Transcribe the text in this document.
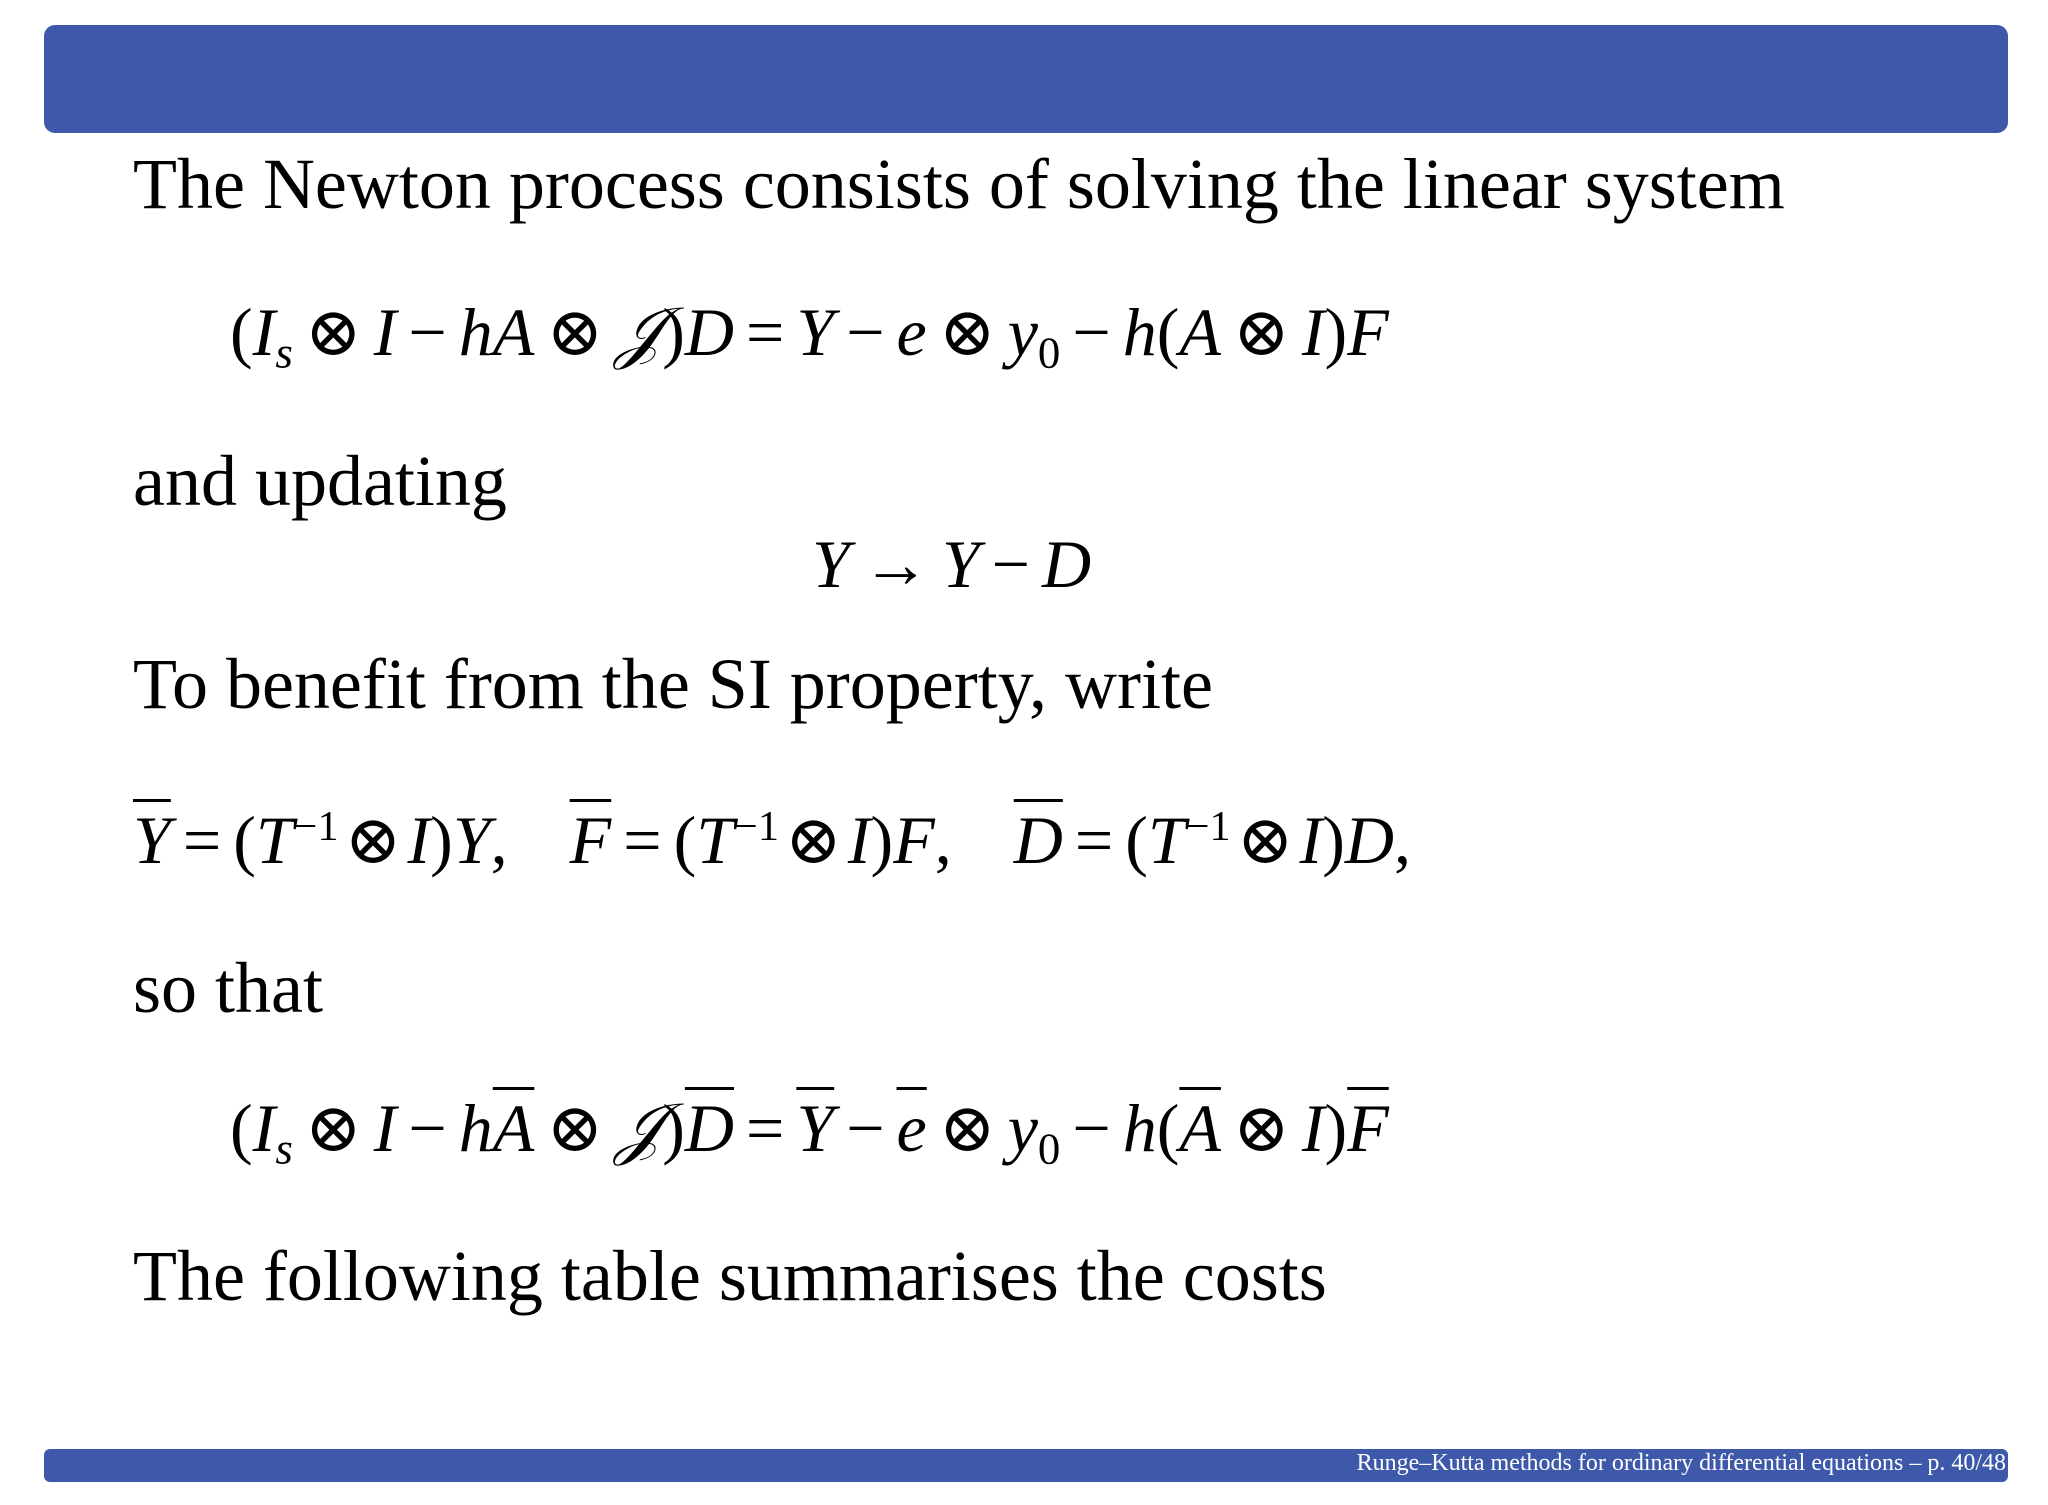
The Newton process consists of solving the linear system
($I_s$ ⊗ I − hA ⊗ 𝒥)D = Y − e ⊗ $y_0 - h(A$ ⊗ I)F
and updating
Y → Y − D
To benefit from the SI property, write
$\overline{Y}$ = $(T^{-1}\otimes I)Y$, $\overline{F}$ = $(T^{-1}\otimes I)F$, $\overline{D}$ = $(T^{-1}\otimes I)D$,
so that
($I_s$ ⊗ $I - h\overline{A}$ ⊗ $𝒥)\overline{D} = \overline{Y} - \overline{e}$ ⊗ $y_0 - h(\overline{A}$ ⊗ $I)\overline{F}$
The following table summarises the costs
Runge–Kutta methods for ordinary differential equations – p. 40/48
